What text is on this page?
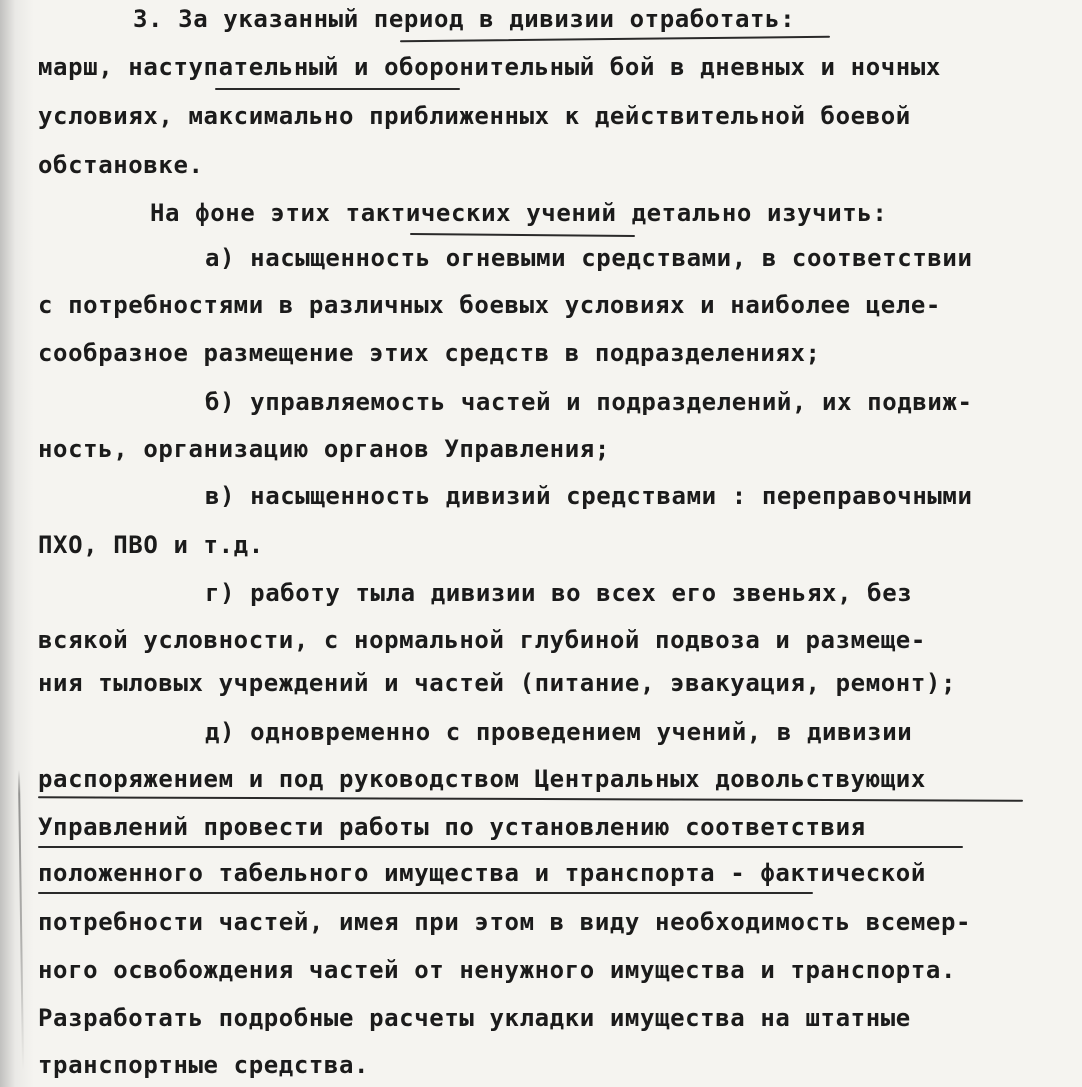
3. За указанный период в дивизии отработать:
марш, наступательный и оборонительный бой в дневных и ночных
условиях, максимально приближенных к действительной боевой
обстановке.
На фоне этих тактических учений детально изучить:
а) насыщенность огневыми средствами, в соответствии
с потребностями в различных боевых условиях и наиболее целе-
сообразное размещение этих средств в подразделениях;
б) управляемость частей и подразделений, их подвиж-
ность, организацию органов Управления;
в) насыщенность дивизий средствами : переправочными
ПХО, ПВО и т.д.
г) работу тыла дивизии во всех его звеньях, без
всякой условности, с нормальной глубиной подвоза и размеще-
ния тыловых учреждений и частей (питание, эвакуация, ремонт);
д) одновременно с проведением учений, в дивизии
распоряжением и под руководством Центральных довольствующих
Управлений провести работы по установлению соответствия
положенного табельного имущества и транспорта - фактической
потребности частей, имея при этом в виду необходимость всемер-
ного освобождения частей от ненужного имущества и транспорта.
Разработать подробные расчеты укладки имущества на штатные
транспортные средства.
